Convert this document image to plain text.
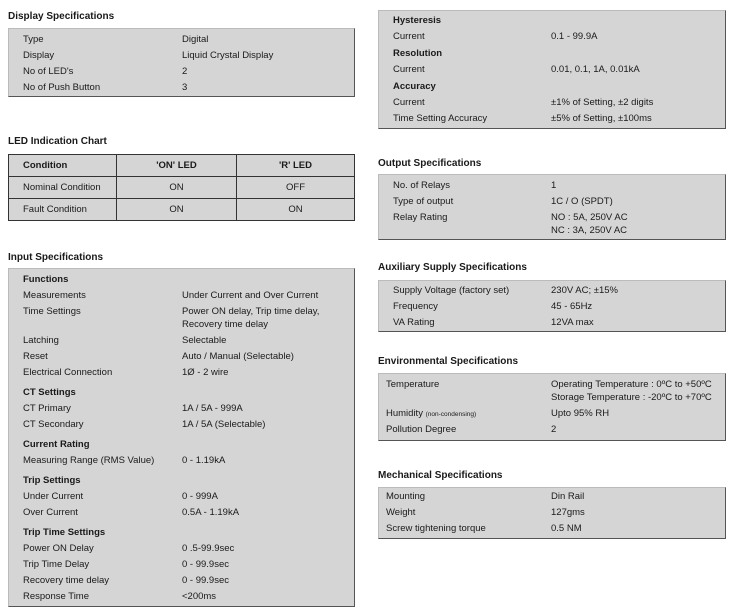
Display Specifications
Type	Digital
Display	Liquid Crystal Display
No of LED's	2
No of Push Button	3
LED Indication Chart
Condition	'ON' LED	'R' LED
Nominal Condition	ON	OFF
Fault Condition	ON	ON
Input Specifications
Functions
Measurements	Under Current and Over Current
Time Settings	Power ON delay, Trip time delay,
Recovery time delay
Latching	Selectable
Reset	Auto / Manual (Selectable)
Electrical Connection	1Ø - 2 wire
CT Settings
CT Primary	1A / 5A - 999A
CT Secondary	1A / 5A (Selectable)
Current Rating
Measuring Range (RMS Value)	0 - 1.19kA
Trip Settings
Under Current	0 - 999A
Over Current	0.5A - 1.19kA
Trip Time Settings
Power ON Delay	0 .5-99.9sec
Trip Time Delay	0 - 99.9sec
Recovery time delay	0 - 99.9sec
Response Time	<200ms
Hysteresis
Current	0.1 - 99.9A
Resolution
Current	0.01, 0.1, 1A, 0.01kA
Accuracy
Current	±1% of Setting, ±2 digits
Time Setting Accuracy	±5% of Setting, ±100ms
Output Specifications
No. of Relays	1
Type of output	1C / O (SPDT)
Relay Rating	NO : 5A, 250V AC
NC : 3A, 250V AC
Auxiliary Supply Specifications
Supply Voltage (factory set)	230V AC; ±15%
Frequency	45 - 65Hz
VA Rating	12VA max
Environmental Specifications
Temperature	Operating Temperature : 0ºC to +50ºC
Storage Temperature : -20ºC to +70ºC
Humidity (non-condensing)	Upto 95% RH
Pollution Degree	2
Mechanical Specifications
Mounting	Din Rail
Weight	127gms
Screw tightening torque	0.5 NM
